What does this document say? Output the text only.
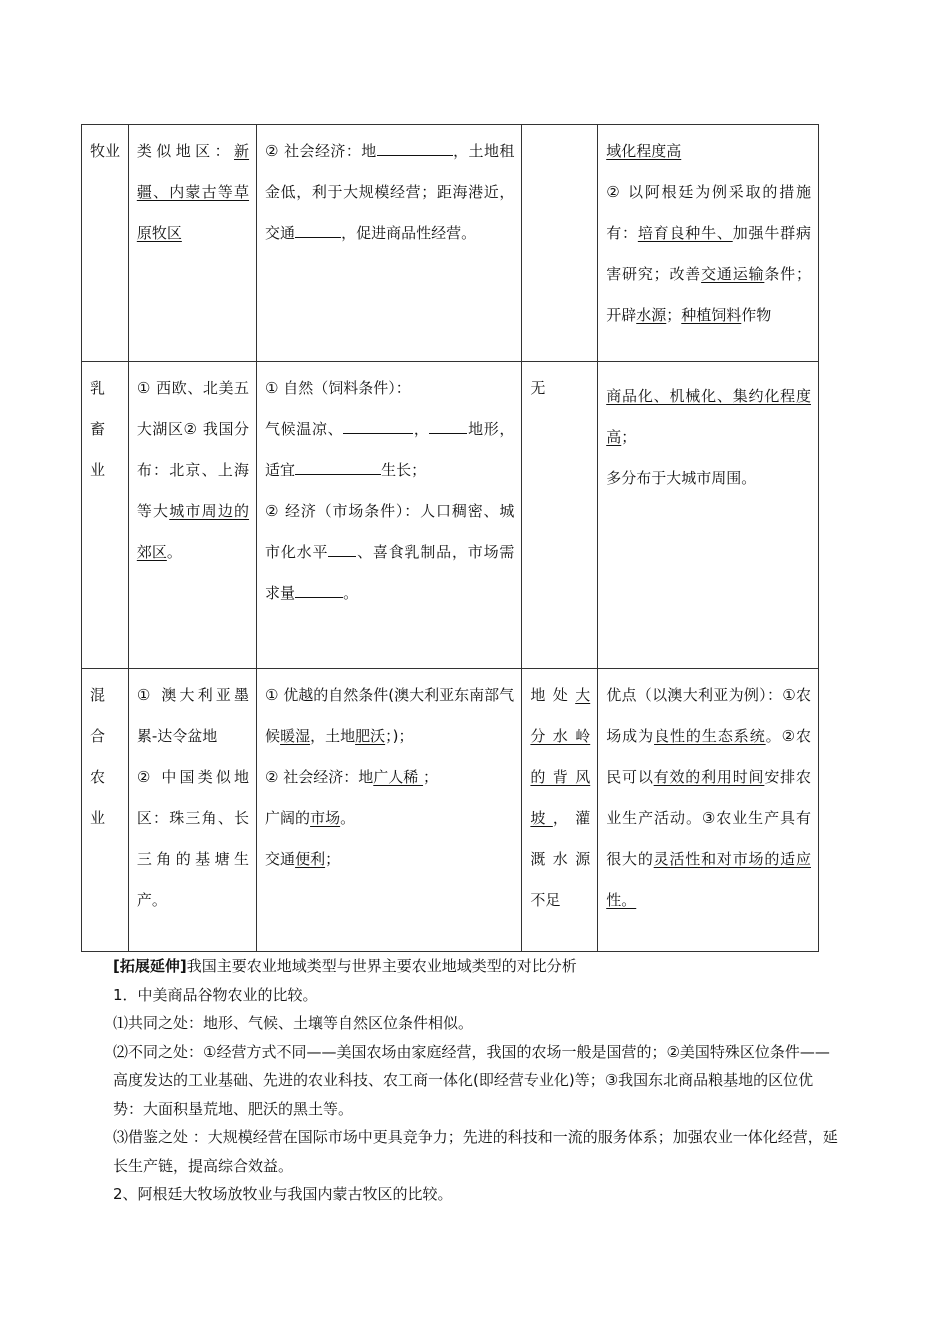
牧业	类似地区：新疆、内蒙古等草原牧区	② 社会经济：地 ，土地租金低，利于大规模经营；距海港近，交通 ，促进商品性经营。		域化程度高
② 以阿根廷为例采取的措施有：培育良种牛、加强牛群病害研究；改善交通运输条件；开辟水源；种植饲料作物
乳畜业	① 西欧、北美五大湖区② 我国分布：北京、上海等大城市周边的郊区。	① 自然（饲料条件）：
气候温凉、 ， 地形，适宜 生长；
② 经济（市场条件）：人口稠密、城市化水平 、喜食乳制品，市场需求量 。	无	商品化、机械化、集约化程度高；
多分布于大城市周围。
混合农业	① 澳大利亚墨累-达令盆地
② 中国类似地区：珠三角、长三角的基塘生产。	① 优越的自然条件(澳大利亚东南部气候暖湿，土地肥沃；)；
② 社会经济：地广人稀 ；
广阔的市场。
交通便利；	地处大分水岭的背风坡，灌溉水源不足	优点（以澳大利亚为例）：①农场成为良性的生态系统。②农民可以有效的利用时间安排农业生产活动。③农业生产具有很大的灵活性和对市场的适应性。

[拓展延伸]我国主要农业地域类型与世界主要农业地域类型的对比分析

1．中美商品谷物农业的比较。

⑴共同之处：地形、气候、土壤等自然区位条件相似。

⑵不同之处：①经营方式不同——美国农场由家庭经营，我国的农场一般是国营的；②美国特殊区位条件——高度发达的工业基础、先进的农业科技、农工商一体化(即经营专业化)等；③我国东北商品粮基地的区位优势：大面积垦荒地、肥沃的黑土等。

⑶借鉴之处 ：大规模经营在国际市场中更具竞争力；先进的科技和一流的服务体系；加强农业一体化经营，延长生产链，提高综合效益。

2、阿根廷大牧场放牧业与我国内蒙古牧区的比较。
